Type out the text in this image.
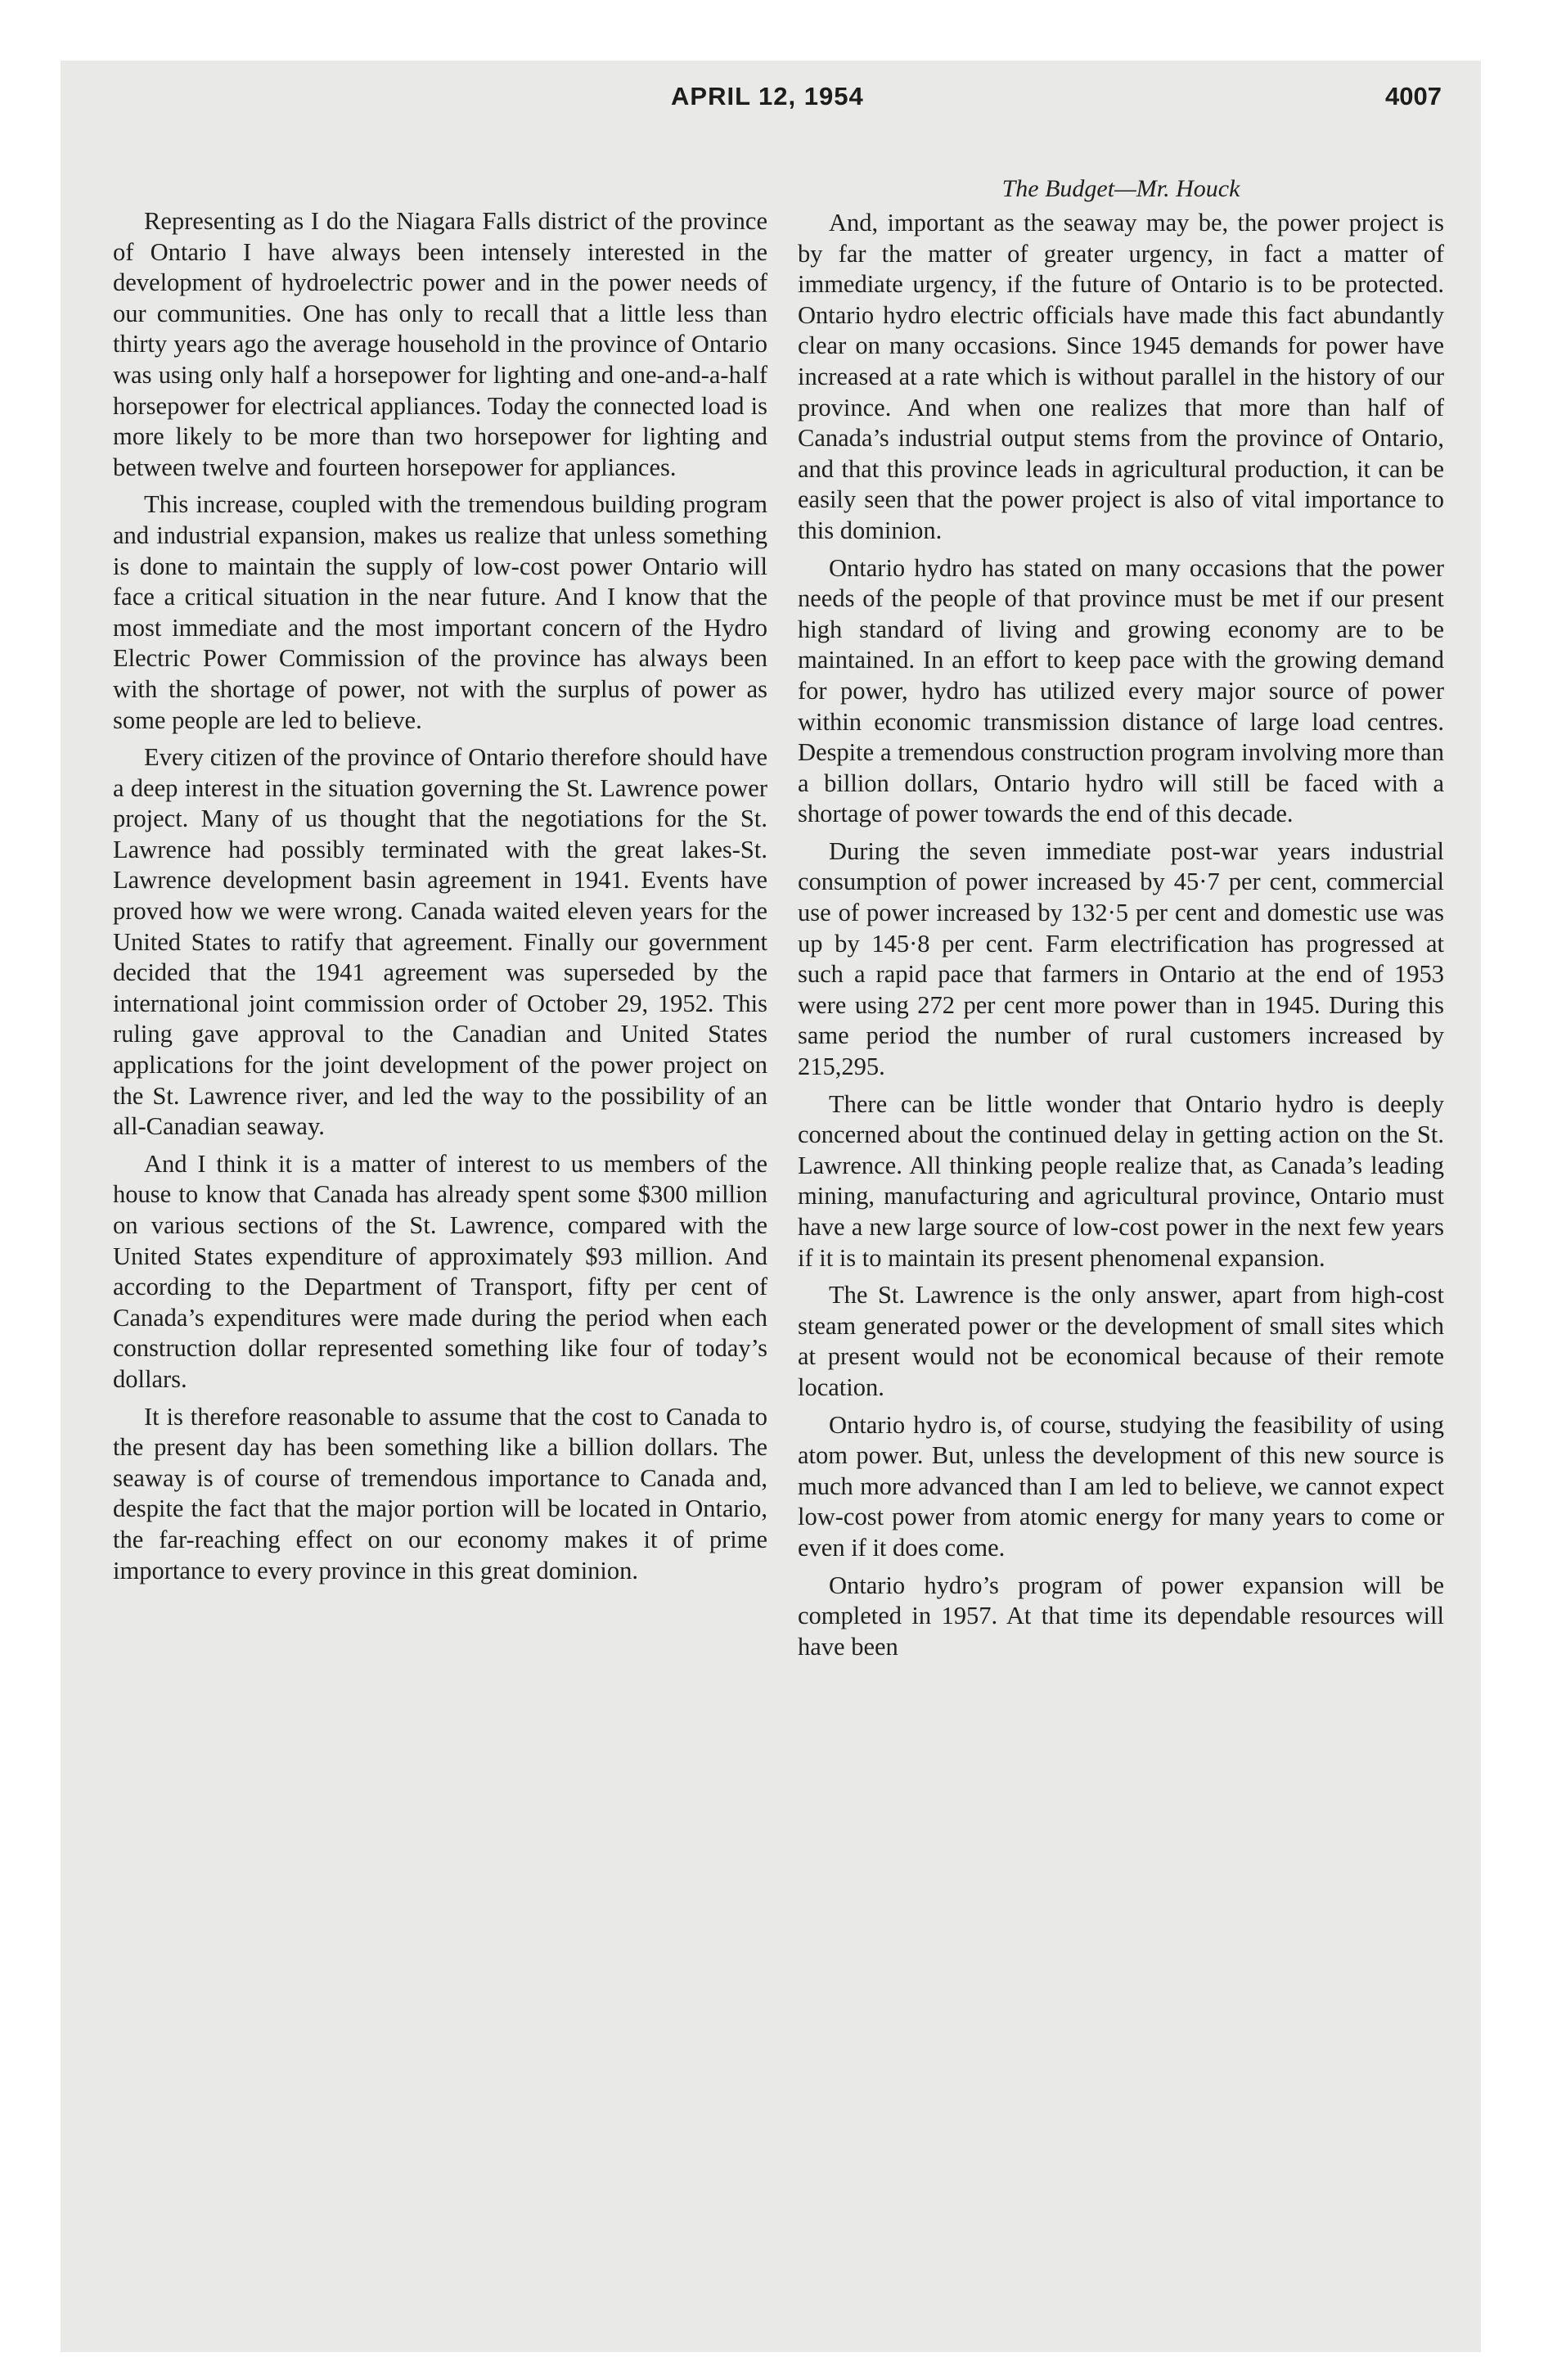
APRIL 12, 1954	4007

Representing as I do the Niagara Falls district of the province of Ontario I have always been intensely interested in the development of hydroelectric power and in the power needs of our communities. One has only to recall that a little less than thirty years ago the average household in the province of Ontario was using only half a horsepower for lighting and one-and-a-half horsepower for electrical appliances. Today the connected load is more likely to be more than two horsepower for lighting and between twelve and fourteen horsepower for appliances.

This increase, coupled with the tremendous building program and industrial expansion, makes us realize that unless something is done to maintain the supply of low-cost power Ontario will face a critical situation in the near future. And I know that the most immediate and the most important concern of the Hydro Electric Power Commission of the province has always been with the shortage of power, not with the surplus of power as some people are led to believe.

Every citizen of the province of Ontario therefore should have a deep interest in the situation governing the St. Lawrence power project. Many of us thought that the negotiations for the St. Lawrence had possibly terminated with the great lakes-St. Lawrence development basin agreement in 1941. Events have proved how we were wrong. Canada waited eleven years for the United States to ratify that agreement. Finally our government decided that the 1941 agreement was superseded by the international joint commission order of October 29, 1952. This ruling gave approval to the Canadian and United States applications for the joint development of the power project on the St. Lawrence river, and led the way to the possibility of an all-Canadian seaway.

And I think it is a matter of interest to us members of the house to know that Canada has already spent some $300 million on various sections of the St. Lawrence, compared with the United States expenditure of approximately $93 million. And according to the Department of Transport, fifty per cent of Canada’s expenditures were made during the period when each construction dollar represented something like four of today’s dollars.

It is therefore reasonable to assume that the cost to Canada to the present day has been something like a billion dollars. The seaway is of course of tremendous importance to Canada and, despite the fact that the major portion will be located in Ontario, the far-reaching effect on our economy makes it of prime importance to every province in this great dominion.

The Budget—Mr. Houck

And, important as the seaway may be, the power project is by far the matter of greater urgency, in fact a matter of immediate urgency, if the future of Ontario is to be protected. Ontario hydro electric officials have made this fact abundantly clear on many occasions. Since 1945 demands for power have increased at a rate which is without parallel in the history of our province. And when one realizes that more than half of Canada’s industrial output stems from the province of Ontario, and that this province leads in agricultural production, it can be easily seen that the power project is also of vital importance to this dominion.

Ontario hydro has stated on many occasions that the power needs of the people of that province must be met if our present high standard of living and growing economy are to be maintained. In an effort to keep pace with the growing demand for power, hydro has utilized every major source of power within economic transmission distance of large load centres. Despite a tremendous construction program involving more than a billion dollars, Ontario hydro will still be faced with a shortage of power towards the end of this decade.

During the seven immediate post-war years industrial consumption of power increased by 45·7 per cent, commercial use of power increased by 132·5 per cent and domestic use was up by 145·8 per cent. Farm electrification has progressed at such a rapid pace that farmers in Ontario at the end of 1953 were using 272 per cent more power than in 1945. During this same period the number of rural customers increased by 215,295.

There can be little wonder that Ontario hydro is deeply concerned about the continued delay in getting action on the St. Lawrence. All thinking people realize that, as Canada’s leading mining, manufacturing and agricultural province, Ontario must have a new large source of low-cost power in the next few years if it is to maintain its present phenomenal expansion.

The St. Lawrence is the only answer, apart from high-cost steam generated power or the development of small sites which at present would not be economical because of their remote location.

Ontario hydro is, of course, studying the feasibility of using atom power. But, unless the development of this new source is much more advanced than I am led to believe, we cannot expect low-cost power from atomic energy for many years to come or even if it does come.

Ontario hydro’s program of power expansion will be completed in 1957. At that time its dependable resources will have been
